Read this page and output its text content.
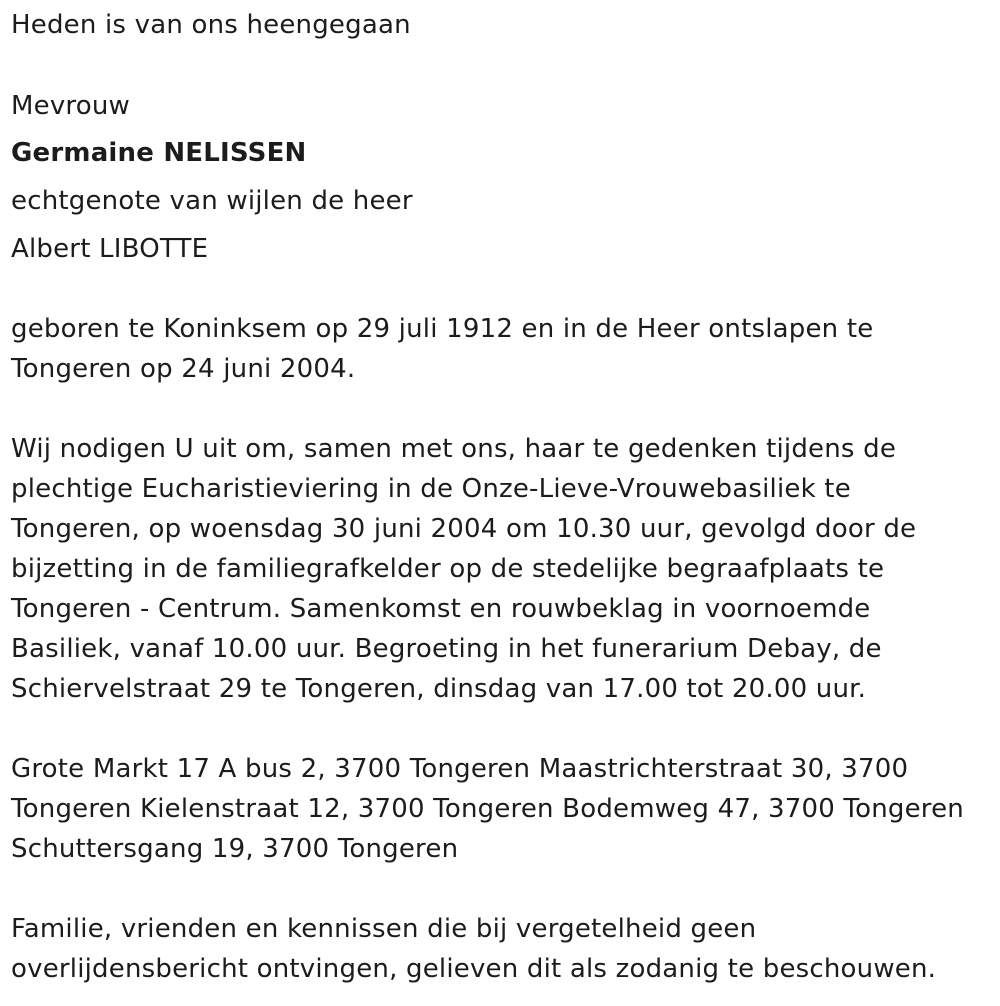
Heden is van ons heengegaan

Mevrouw

Germaine NELISSEN

echtgenote van wijlen de heer

Albert LIBOTTE

geboren te Koninksem op 29 juli 1912 en in de Heer ontslapen te

Tongeren op 24 juni 2004.

Wij nodigen U uit om, samen met ons, haar te gedenken tijdens de

plechtige Eucharistieviering in de Onze-Lieve-Vrouwebasiliek te

Tongeren, op woensdag 30 juni 2004 om 10.30 uur, gevolgd door de

bijzetting in de familiegrafkelder op de stedelijke begraafplaats te

Tongeren - Centrum. Samenkomst en rouwbeklag in voornoemde

Basiliek, vanaf 10.00 uur. Begroeting in het funerarium Debay, de

Schiervelstraat 29 te Tongeren, dinsdag van 17.00 tot 20.00 uur.

Grote Markt 17 A bus 2, 3700 Tongeren Maastrichterstraat 30, 3700

Tongeren Kielenstraat 12, 3700 Tongeren Bodemweg 47, 3700 Tongeren

Schuttersgang 19, 3700 Tongeren

Familie, vrienden en kennissen die bij vergetelheid geen

overlijdensbericht ontvingen, gelieven dit als zodanig te beschouwen.
